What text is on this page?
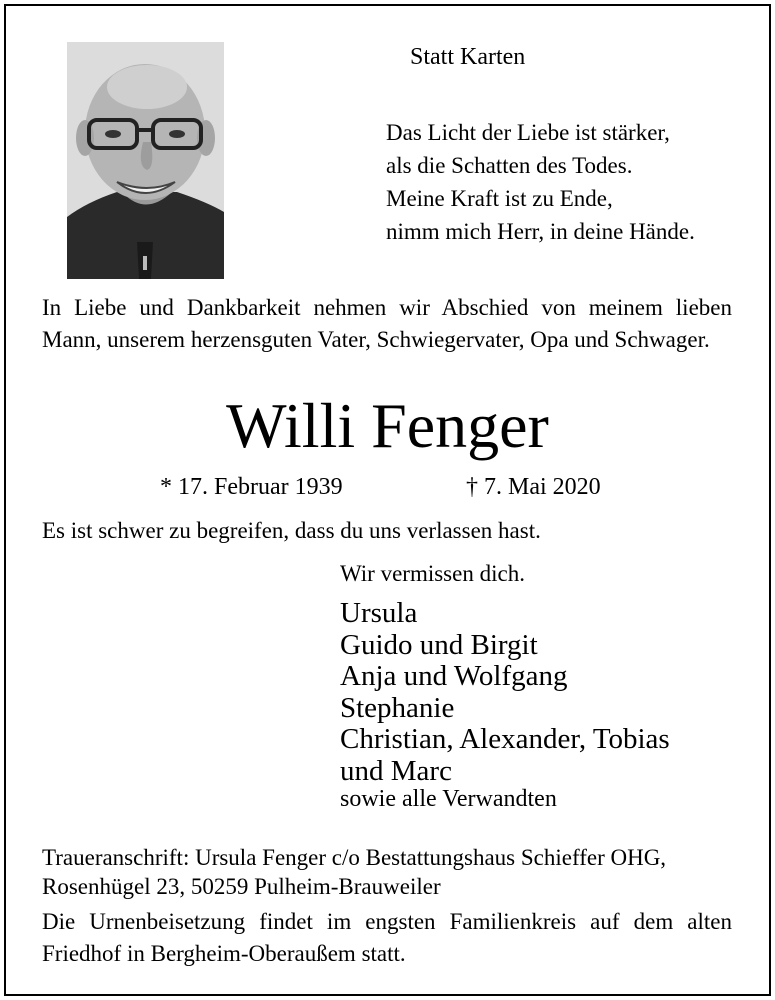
Statt Karten
Das Licht der Liebe ist stärker,
als die Schatten des Todes.
Meine Kraft ist zu Ende,
nimm mich Herr, in deine Hände.
In Liebe und Dankbarkeit nehmen wir Abschied von meinem lieben Mann, unserem herzensguten Vater, Schwiegervater, Opa und Schwager.
Willi Fenger
* 17. Februar 1939	† 7. Mai 2020
Es ist schwer zu begreifen, dass du uns verlassen hast.
Wir vermissen dich.
Ursula
Guido und Birgit
Anja und Wolfgang
Stephanie
Christian, Alexander, Tobias
und Marc
sowie alle Verwandten
Traueranschrift: Ursula Fenger c/o Bestattungshaus Schieffer OHG,
Rosenhügel 23, 50259 Pulheim-Brauweiler
Die Urnenbeisetzung findet im engsten Familienkreis auf dem alten Friedhof in Bergheim-Oberaußem statt.
